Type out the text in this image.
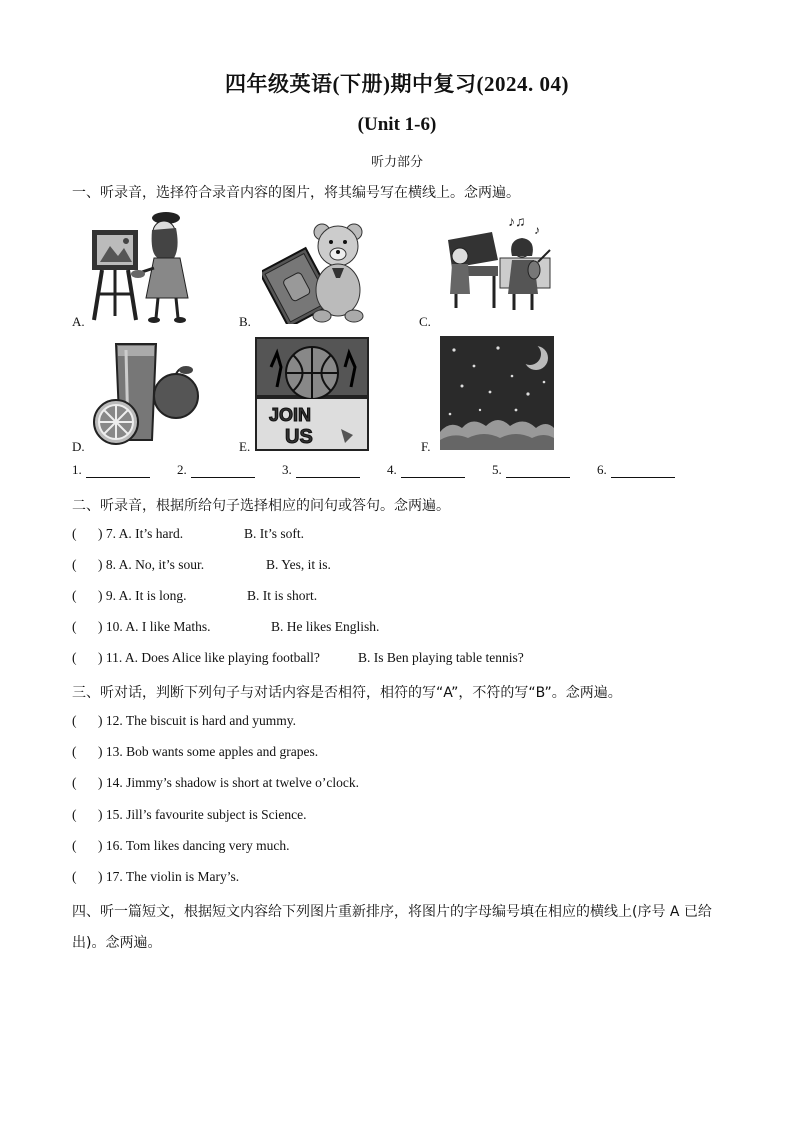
四年级英语(下册)期中复习(2024. 04)
(Unit 1-6)
听力部分
一、听录音，选择符合录音内容的图片，将其编号写在横线上。念两遍。
A.	B.
♪♫ ♪
C.
D.
JOIN
US
E.	F.
1.	2.	3.	4.	5.	6.
二、听录音，根据所给句子选择相应的问句或答句。念两遍。
( ) 7. A. It’s hard.	B. It’s soft.
( ) 8. A. No, it’s sour.	B. Yes, it is.
( ) 9. A. It is long.	B. It is short.
( ) 10. A. I like Maths.	B. He likes English.
( ) 11. A. Does Alice like playing football?	B. Is Ben playing table tennis?
三、听对话，判断下列句子与对话内容是否相符，相符的写“A”，不符的写“B”。念两遍。
( ) 12. The biscuit is hard and yummy.
( ) 13. Bob wants some apples and grapes.
( ) 14. Jimmy’s shadow is short at twelve o’clock.
( ) 15. Jill’s favourite subject is Science.
( ) 16. Tom likes dancing very much.
( ) 17. The violin is Mary’s.
四、听一篇短文，根据短文内容给下列图片重新排序，将图片的字母编号填在相应的横线上(序号 A 已给
出)。念两遍。
